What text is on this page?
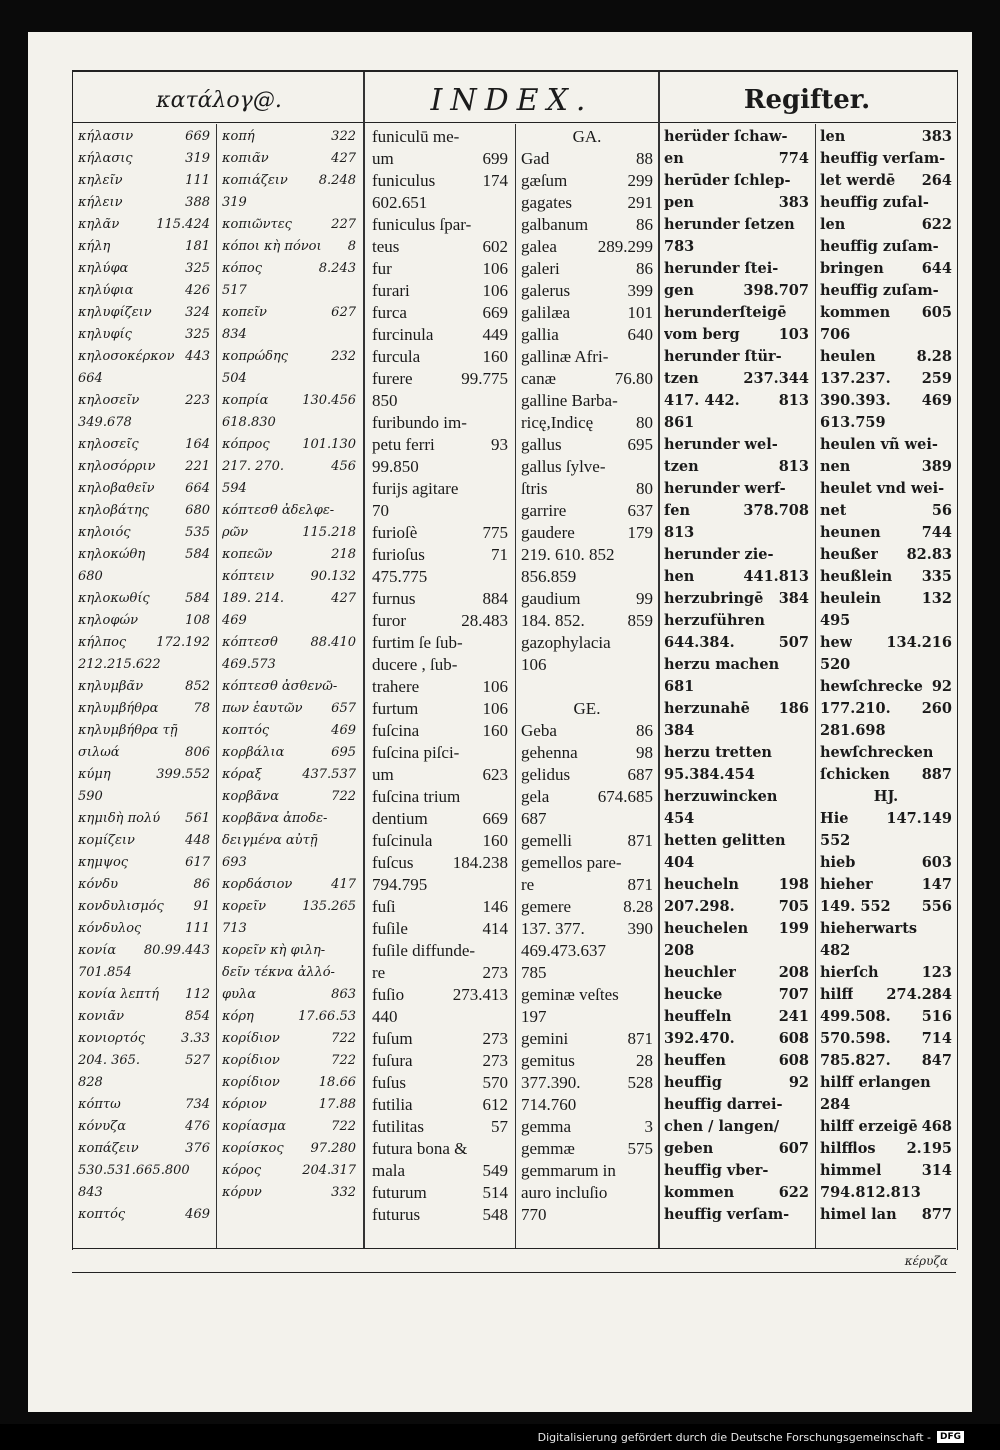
κατάλογ@.	INDEX.	Regifter.
κήλασιν	669
κήλασις	319
κηλεῖν	111
κήλειν	388
κηλᾶν	115.424
κήλη	181
κηλύφα	325
κηλύφια	426
κηλυφίζειν	324
κηλυφίς	325
κηλοσοκέρκον 443
664
κηλοσεῖν	223
349.678
κηλοσεῖς	164
κηλοσόρριν	221
κηλοβαθεῖν	664
κηλοβάτης	680
κηλοιός	535
κηλοκώθη	584
680
κηλοκωθίς	584
κηλοφών	108
κήλπος	172.192
212.215.622
κηλυμβᾶν	852
κηλυμβήθρα	78
κηλυμβήθρα τῇ
σιλωά	806
κύμη	399.552
590
κημιδὴ πολύ	561
κομίζειν	448
κημψος	617
κόνδυ	86
κονδυλισμός	91
κόνδυλος	111
κονία	80.99.443
701.854
κονία λεπτή	112
κονιᾶν	854
κονιορτός	3.33
204. 365.	527
828
κόπτω	734
κόνυζα	476
κοπάζειν	376
530.531.665.800
843
κοπτός	469
κοπή	322
κοπιᾶν	427
κοπιάζειν	8.248
319
κοπιῶντες	227
κόποι κὴ πόνοι	8
κόπος	8.243
517
κοπεῖν	627
834
κοπρώδης	232
504
κοπρία	130.456
618.830
κόπρος	101.130
217. 270.	456
594
κόπτεσθ ἀδελφε-
ρῶν	115.218
κοπεῶν	218
κόπτειν	90.132
189. 214.	427
469
κόπτεσθ	88.410
469.573
κόπτεσθ ἀσθενῶ-
πων ἑαυτῶν	657
κοπτός	469
κορβάλια	695
κόραξ	437.537
κορβᾶνα	722
κορβᾶνα ἀποδε-
δειγμένα αὐτῇ
693
κορδάσιον	417
κορεῖν	135.265
713
κορεῖν κὴ φιλη-
δεῖν τέκνα ἀλλό-
φυλα	863
κόρη	17.66.53
κορίδιον	722
κορίδιον	722
κορίδιον	18.66
κόριον	17.88
κορίασμα	722
κορίσκος	97.280
κόρος	204.317
κόρυν	332
funiculū me-
um	699
funiculus	174
602.651
funiculus ſpar-
teus	602
fur	106
furari	106
furca	669
furcinula	449
furcula	160
furere	99.775
850
furibundo im-
petu ferri	93
99.850
furijs agitare
70
furioſè	775
furioſus	71
475.775
furnus	884
furor	28.483
furtim ſe ſub-
ducere , ſub-
trahere	106
furtum	106
fuſcina	160
fuſcina piſci-
um	623
fuſcina trium
dentium	669
fuſcinula	160
fuſcus 184.238
794.795
fuſi	146
fuſile	414
fuſile diffunde-
re	273
fuſio	273.413
440
fuſum	273
fuſura	273
fuſus	570
futilia	612
futilitas	57
futura bona &
mala	549
futurum	514
futurus	548
GA.
Gad	88
gæſum	299
gagates	291
galbanum	86
galea 289.299
galeri	86
galerus	399
galilæa	101
gallia	640
gallinæ Afri-
canæ	76.80
galline Barba-
ricę,Indicę	80
gallus	695
gallus ſylve-
ſtris	80
garrire	637
gaudere	179
219. 610. 852
856.859
gaudium	99
184. 852.	859
gazophylacia
106
GE.
Geba	86
gehenna	98
gelidus	687
gela	674.685
687
gemelli	871
gemellos pare-
re	871
gemere	8.28
137. 377.	390
469.473.637
785
geminæ veſtes
197
gemini	871
gemitus	28
377.390.	528
714.760
gemma	3
gemmæ	575
gemmarum in
auro incluſio
770
herüder ſchaw-
en	774
herūder ſchlep-
pen	383
herunder ſetzen
783
herunder ſtei-
gen	398.707
herunderſteigē
vom berg	103
herunder ſtür-
tzen	237.344
417. 442.	813
861
herunder wel-
tzen	813
herunder werf-
fen	378.708
813
herunder zie-
hen	441.813
herzubringē 384
herzuführen
644.384.	507
herzu machen
681
herzunahē 186
384
herzu tretten
95.384.454
herzuwincken
454
hetten gelitten
404
heucheln	198
207.298.	705
heuchelen 199
208
heuchler	208
heucke	707
heuffeln	241
392.470.	608
heuffen	608
heuffig	92
heuffig darrei-
chen / langen/
geben	607
heuffig vber-
kommen	622
heuffig verſam-
len	383
heuffig verſam-
let werdē 264
heuffig zufal-
len	622
heuffig zuſam-
bringen	644
heuffig zuſam-
kommen 605
706
heulen	8.28
137.237. 259
390.393. 469
613.759
heulen vñ wei-
nen	389
heulet vnd wei-
net	56
heunen	744
heußer 82.83
heußlein 335
heulein	132
495
hew 134.216
520
hewſchrecke 92
177.210. 260
281.698
hewſchrecken
ſchicken 887
HJ.
Hie	147.149
552
hieb	603
hieher	147
149. 552 556
hieherwarts
482
hierſch	123
hilff 274.284
499.508. 516
570.598. 714
785.827. 847
hilff erlangen
284
hilff erzeigē 468
hilfflos 2.195
himmel	314
794.812.813
himel lan 877
κέρυζα
Digitalisierung gefördert durch die Deutsche Forschungsgemeinschaft -	DFG
